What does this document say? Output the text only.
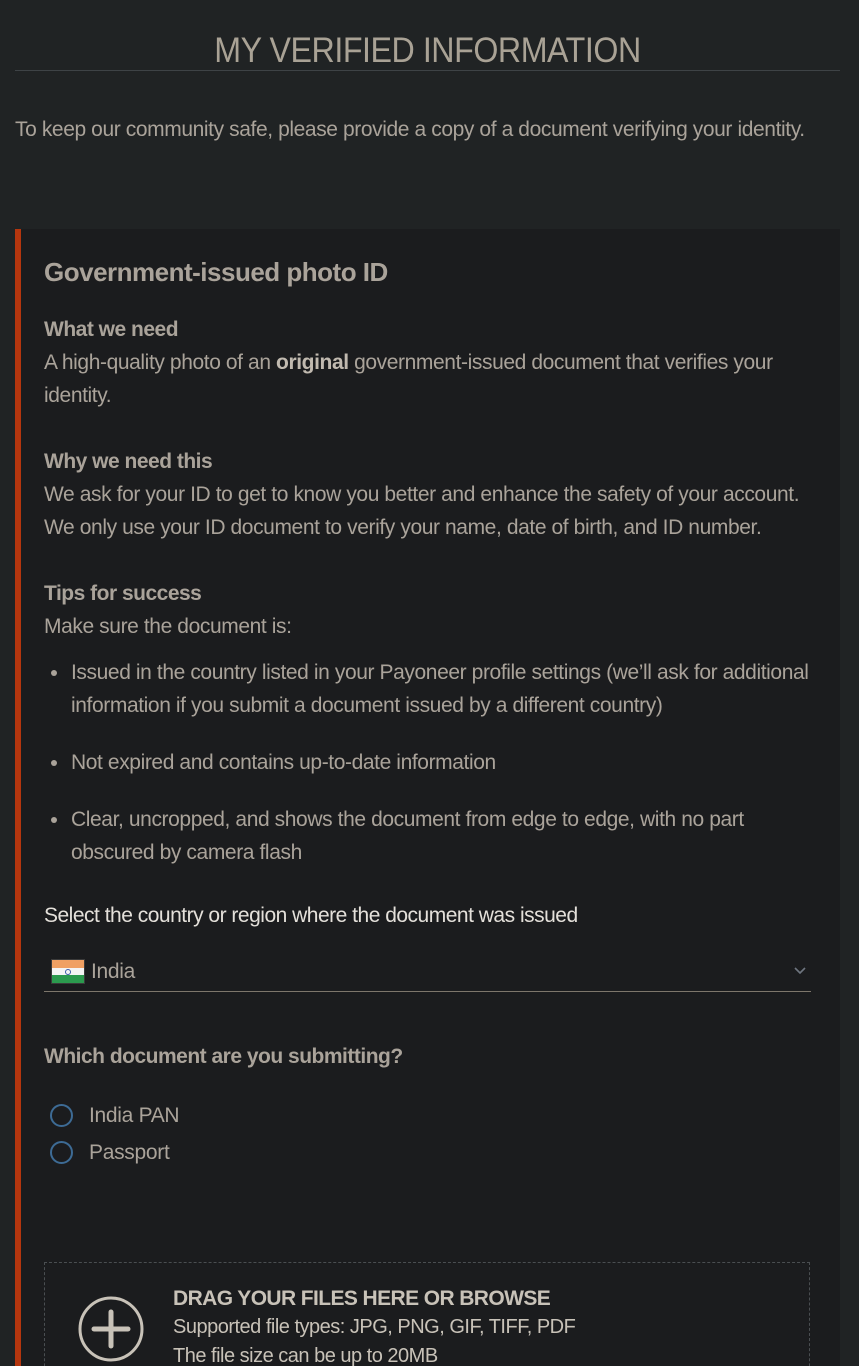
MY VERIFIED INFORMATION

To keep our community safe, please provide a copy of a document verifying your identity.

Government-issued photo ID
What we need
A high-quality photo of an original government-issued document that verifies your identity.
Why we need this
We ask for your ID to get to know you better and enhance the safety of your account. We only use your ID document to verify your name, date of birth, and ID number.
Tips for success
Make sure the document is:
Issued in the country listed in your Payoneer profile settings (we’ll ask for additional information if you submit a document issued by a different country)
Not expired and contains up-to-date information
Clear, uncropped, and shows the document from edge to edge, with no part obscured by camera flash
Select the country or region where the document was issued
India
Which document are you submitting?
India PAN
Passport
DRAG YOUR FILES HERE OR BROWSE
Supported file types: JPG, PNG, GIF, TIFF, PDF
The file size can be up to 20MB
